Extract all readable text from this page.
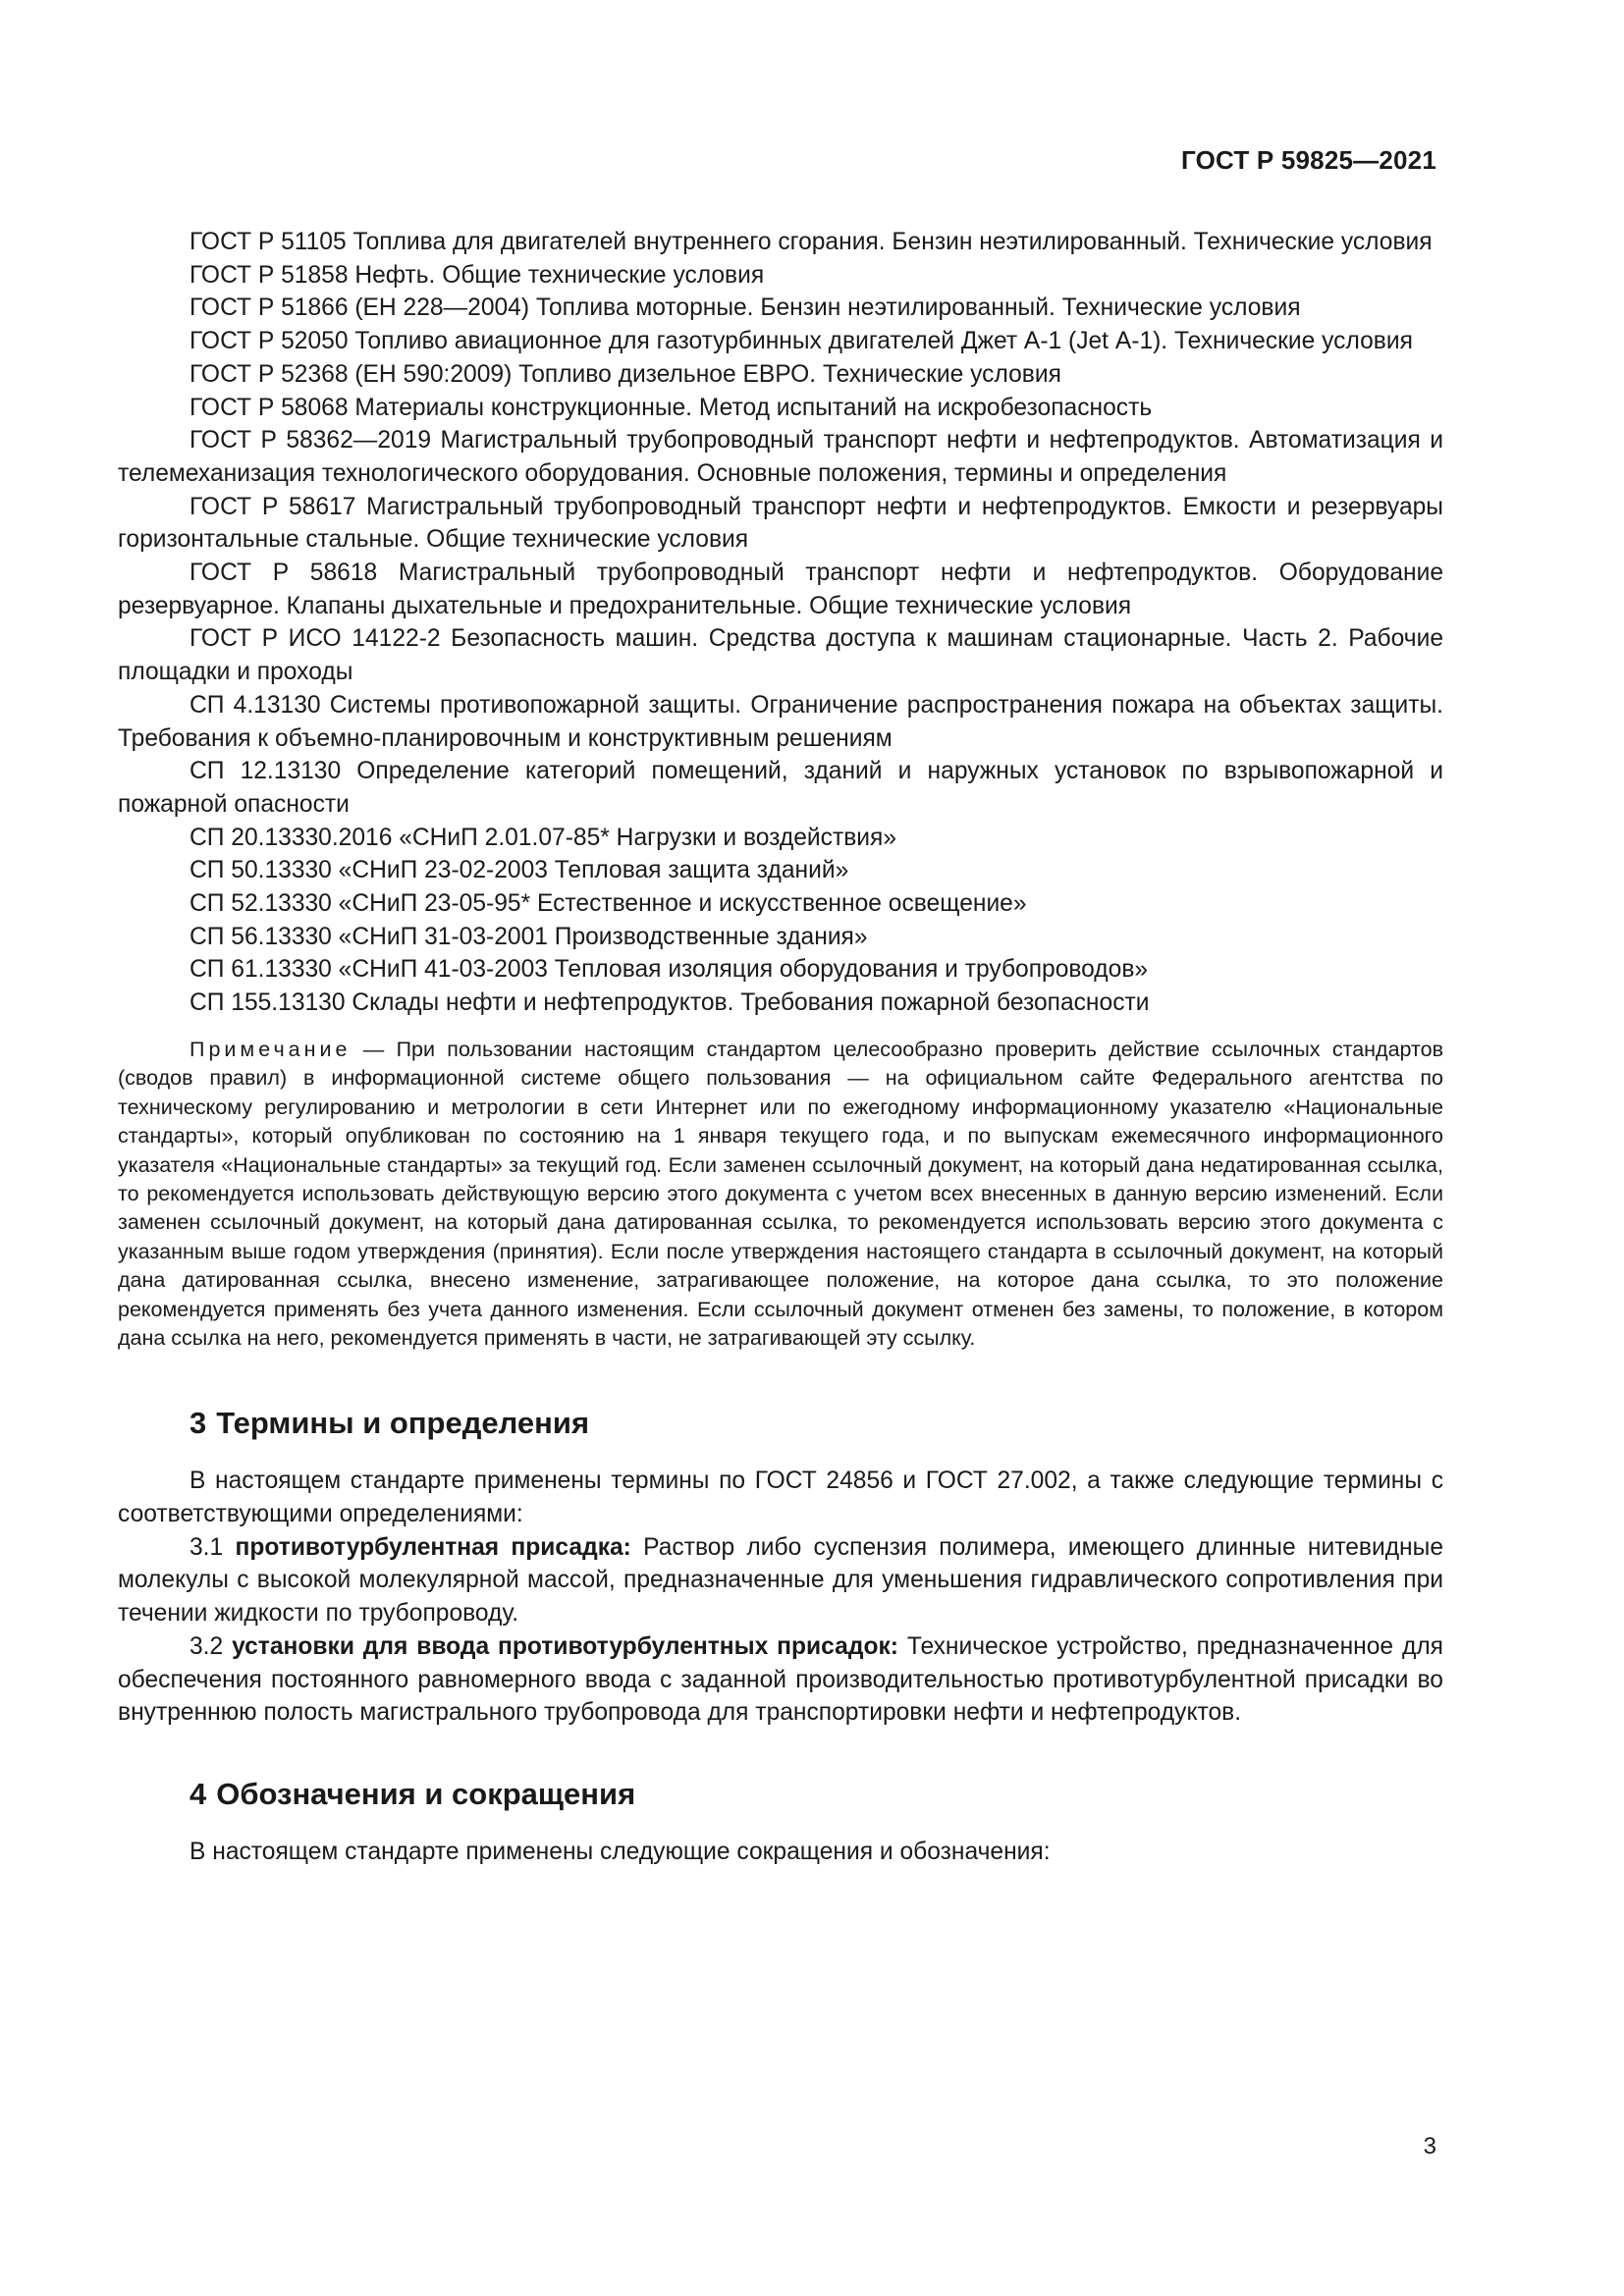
ГОСТ Р 59825—2021

ГОСТ Р 51105 Топлива для двигателей внутреннего сгорания. Бензин неэтилированный. Технические условия

ГОСТ Р 51858 Нефть. Общие технические условия

ГОСТ Р 51866 (ЕН 228—2004) Топлива моторные. Бензин неэтилированный. Технические условия

ГОСТ Р 52050 Топливо авиационное для газотурбинных двигателей Джет А-1 (Jet А-1). Технические условия

ГОСТ Р 52368 (ЕН 590:2009) Топливо дизельное ЕВРО. Технические условия

ГОСТ Р 58068 Материалы конструкционные. Метод испытаний на искробезопасность

ГОСТ Р 58362—2019 Магистральный трубопроводный транспорт нефти и нефтепродуктов. Автоматизация и телемеханизация технологического оборудования. Основные положения, термины и определения

ГОСТ Р 58617 Магистральный трубопроводный транспорт нефти и нефтепродуктов. Емкости и резервуары горизонтальные стальные. Общие технические условия

ГОСТ Р 58618 Магистральный трубопроводный транспорт нефти и нефтепродуктов. Оборудование резервуарное. Клапаны дыхательные и предохранительные. Общие технические условия

ГОСТ Р ИСО 14122-2 Безопасность машин. Средства доступа к машинам стационарные. Часть 2. Рабочие площадки и проходы

СП 4.13130 Системы противопожарной защиты. Ограничение распространения пожара на объектах защиты. Требования к объемно-планировочным и конструктивным решениям

СП 12.13130 Определение категорий помещений, зданий и наружных установок по взрывопожарной и пожарной опасности

СП 20.13330.2016 «СНиП 2.01.07-85* Нагрузки и воздействия»

СП 50.13330 «СНиП 23-02-2003 Тепловая защита зданий»

СП 52.13330 «СНиП 23-05-95* Естественное и искусственное освещение»

СП 56.13330 «СНиП 31-03-2001 Производственные здания»

СП 61.13330 «СНиП 41-03-2003 Тепловая изоляция оборудования и трубопроводов»

СП 155.13130 Склады нефти и нефтепродуктов. Требования пожарной безопасности

Примечание — При пользовании настоящим стандартом целесообразно проверить действие ссылочных стандартов (сводов правил) в информационной системе общего пользования — на официальном сайте Федерального агентства по техническому регулированию и метрологии в сети Интернет или по ежегодному информационному указателю «Национальные стандарты», который опубликован по состоянию на 1 января текущего года, и по выпускам ежемесячного информационного указателя «Национальные стандарты» за текущий год. Если заменен ссылочный документ, на который дана недатированная ссылка, то рекомендуется использовать действующую версию этого документа с учетом всех внесенных в данную версию изменений. Если заменен ссылочный документ, на который дана датированная ссылка, то рекомендуется использовать версию этого документа с указанным выше годом утверждения (принятия). Если после утверждения настоящего стандарта в ссылочный документ, на который дана датированная ссылка, внесено изменение, затрагивающее положение, на которое дана ссылка, то это положение рекомендуется применять без учета данного изменения. Если ссылочный документ отменен без замены, то положение, в котором дана ссылка на него, рекомендуется применять в части, не затрагивающей эту ссылку.

3 Термины и определения

В настоящем стандарте применены термины по ГОСТ 24856 и ГОСТ 27.002, а также следующие термины с соответствующими определениями:

3.1 противотурбулентная присадка: Раствор либо суспензия полимера, имеющего длинные нитевидные молекулы с высокой молекулярной массой, предназначенные для уменьшения гидравлического сопротивления при течении жидкости по трубопроводу.

3.2 установки для ввода противотурбулентных присадок: Техническое устройство, предназначенное для обеспечения постоянного равномерного ввода с заданной производительностью противотурбулентной присадки во внутреннюю полость магистрального трубопровода для транспортировки нефти и нефтепродуктов.

4 Обозначения и сокращения

В настоящем стандарте применены следующие сокращения и обозначения:

3
